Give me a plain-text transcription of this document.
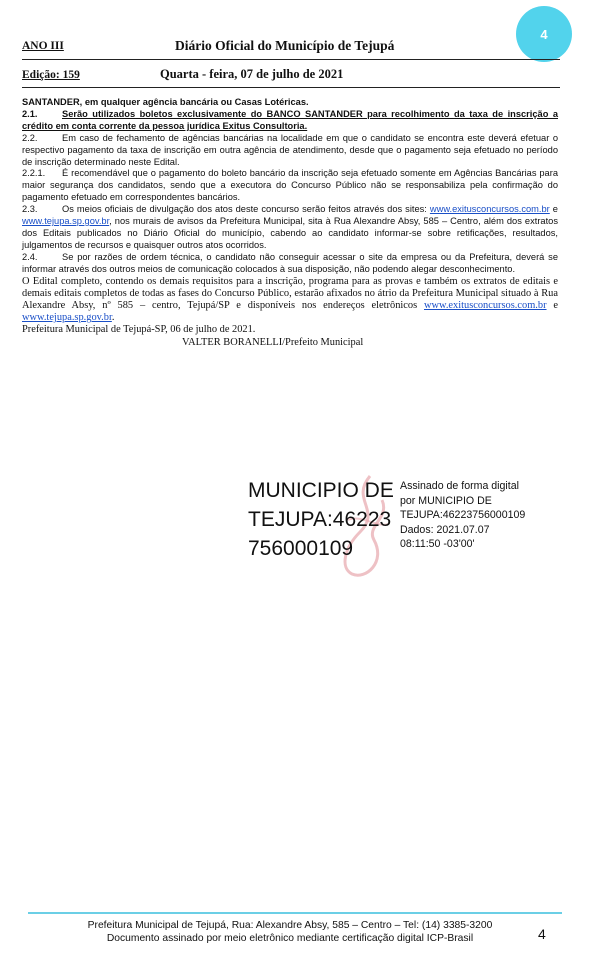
ANO III	Diário Oficial do Município de Tejupá
4
Edição: 159	Quarta - feira, 07 de julho de 2021

SANTANDER, em qualquer agência bancária ou Casas Lotéricas.

2.1.	Serão utilizados boletos exclusivamente do BANCO SANTANDER para recolhimento da taxa de inscrição a crédito em conta corrente da pessoa jurídica Exitus Consultoria.

2.2.	Em caso de fechamento de agências bancárias na localidade em que o candidato se encontra este deverá efetuar o respectivo pagamento da taxa de inscrição em outra agência de atendimento, desde que o pagamento seja efetuado no período de inscrição determinado neste Edital.

2.2.1. É recomendável que o pagamento do boleto bancário da inscrição seja efetuado somente em Agências Bancárias para maior segurança dos candidatos, sendo que a executora do Concurso Público não se responsabiliza pela confirmação do pagamento efetuado em correspondentes bancários.

2.3.	Os meios oficiais de divulgação dos atos deste concurso serão feitos através dos sites: www.exitusconcursos.com.br e www.tejupa.sp.gov.br, nos murais de avisos da Prefeitura Municipal, sita à Rua Alexandre Absy, 585 – Centro, além dos extratos dos Editais publicados no Diário Oficial do município, cabendo ao candidato informar-se sobre retificações, resultados, julgamentos de recursos e quaisquer outros atos ocorridos.

2.4.	Se por razões de ordem técnica, o candidato não conseguir acessar o site da empresa ou da Prefeitura, deverá se informar através dos outros meios de comunicação colocados à sua disposição, não podendo alegar desconhecimento.

O Edital completo, contendo os demais requisitos para a inscrição, programa para as provas e também os extratos de editais e demais editais completos de todas as fases do Concurso Público, estarão afixados no átrio da Prefeitura Municipal situado à Rua Alexandre Absy, nº 585 – centro, Tejupá/SP e disponíveis nos endereços eletrônicos www.exitusconcursos.com.br e www.tejupa.sp.gov.br.

Prefeitura Municipal de Tejupá-SP, 06 de julho de 2021.

VALTER BORANELLI/Prefeito Municipal

MUNICIPIO DE
TEJUPA:46223
756000109
Assinado de forma digital
por MUNICIPIO DE
TEJUPA:46223756000109
Dados: 2021.07.07
08:11:50 -03'00'
Prefeitura Municipal de Tejupá, Rua: Alexandre Absy, 585 – Centro – Tel: (14) 3385-3200
Documento assinado por meio eletrônico mediante certificação digital ICP-Brasil	4
